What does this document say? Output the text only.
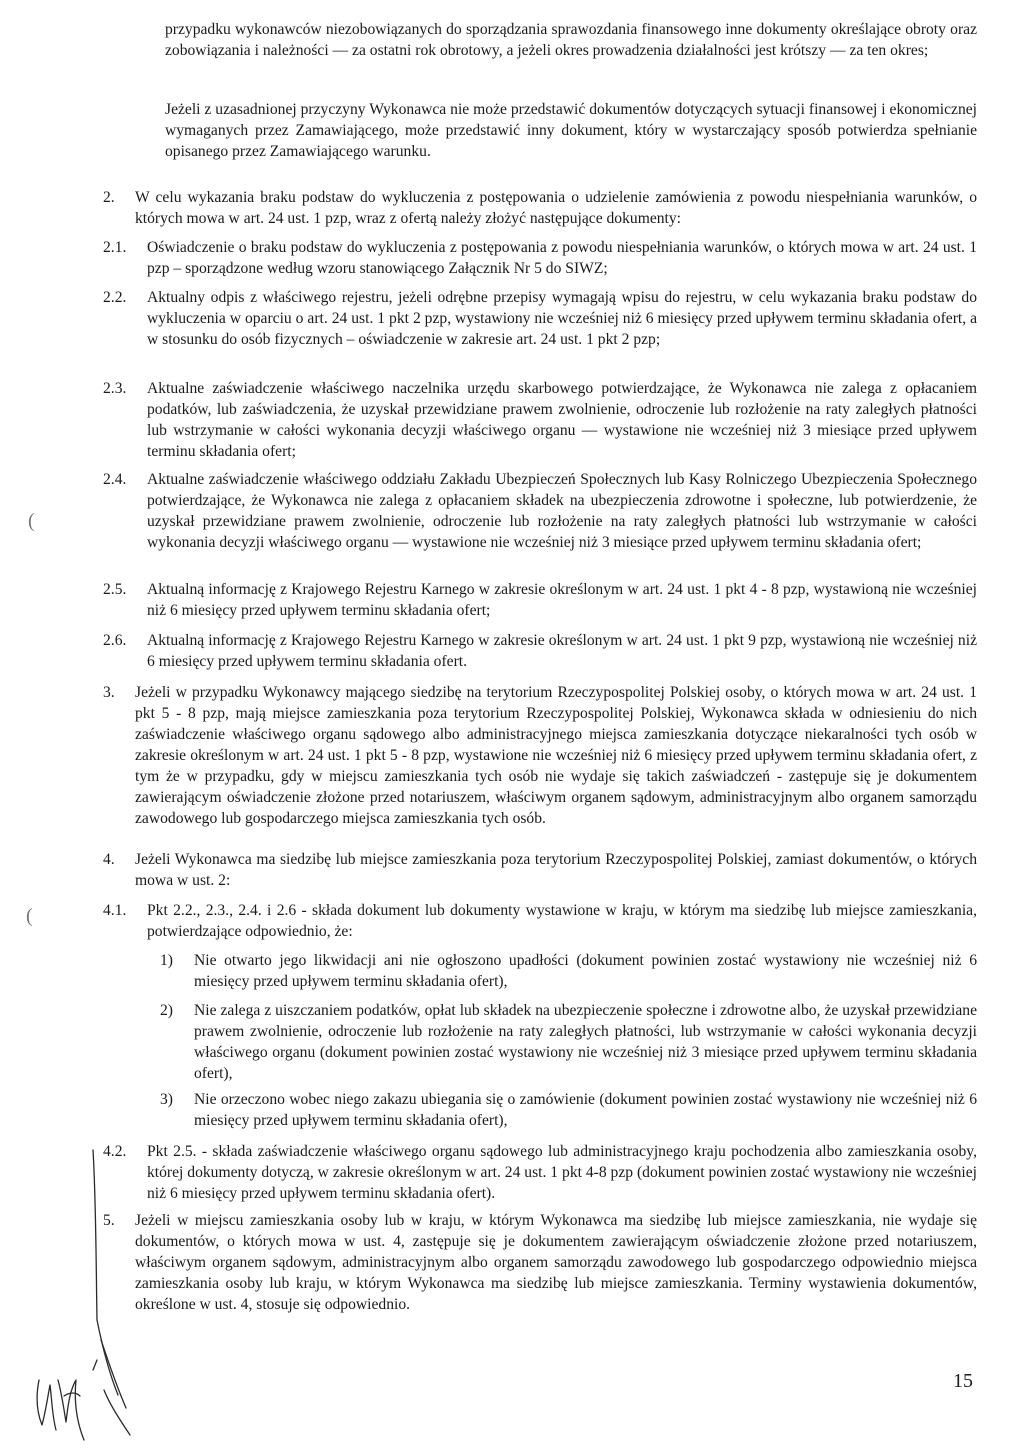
przypadku wykonawców niezobowiązanych do sporządzania sprawozdania finansowego inne dokumenty określające obroty oraz zobowiązania i należności — za ostatni rok obrotowy, a jeżeli okres prowadzenia działalności jest krótszy — za ten okres;

Jeżeli z uzasadnionej przyczyny Wykonawca nie może przedstawić dokumentów dotyczących sytuacji finansowej i ekonomicznej wymaganych przez Zamawiającego, może przedstawić inny dokument, który w wystarczający sposób potwierdza spełnianie opisanego przez Zamawiającego warunku.

2. W celu wykazania braku podstaw do wykluczenia z postępowania o udzielenie zamówienia z powodu niespełniania warunków, o których mowa w art. 24 ust. 1 pzp, wraz z ofertą należy złożyć następujące dokumenty:

2.1. Oświadczenie o braku podstaw do wykluczenia z postępowania z powodu niespełniania warunków, o których mowa w art. 24 ust. 1 pzp – sporządzone według wzoru stanowiącego Załącznik Nr 5 do SIWZ;

2.2. Aktualny odpis z właściwego rejestru, jeżeli odrębne przepisy wymagają wpisu do rejestru, w celu wykazania braku podstaw do wykluczenia w oparciu o art. 24 ust. 1 pkt 2 pzp, wystawiony nie wcześniej niż 6 miesięcy przed upływem terminu składania ofert, a w stosunku do osób fizycznych – oświadczenie w zakresie art. 24 ust. 1 pkt 2 pzp;

2.3. Aktualne zaświadczenie właściwego naczelnika urzędu skarbowego potwierdzające, że Wykonawca nie zalega z opłacaniem podatków, lub zaświadczenia, że uzyskał przewidziane prawem zwolnienie, odroczenie lub rozłożenie na raty zaległych płatności lub wstrzymanie w całości wykonania decyzji właściwego organu — wystawione nie wcześniej niż 3 miesiące przed upływem terminu składania ofert;

2.4. Aktualne zaświadczenie właściwego oddziału Zakładu Ubezpieczeń Społecznych lub Kasy Rolniczego Ubezpieczenia Społecznego potwierdzające, że Wykonawca nie zalega z opłacaniem składek na ubezpieczenia zdrowotne i społeczne, lub potwierdzenie, że uzyskał przewidziane prawem zwolnienie, odroczenie lub rozłożenie na raty zaległych płatności lub wstrzymanie w całości wykonania decyzji właściwego organu — wystawione nie wcześniej niż 3 miesiące przed upływem terminu składania ofert;

2.5. Aktualną informację z Krajowego Rejestru Karnego w zakresie określonym w art. 24 ust. 1 pkt 4 - 8 pzp, wystawioną nie wcześniej niż 6 miesięcy przed upływem terminu składania ofert;

2.6. Aktualną informację z Krajowego Rejestru Karnego w zakresie określonym w art. 24 ust. 1 pkt 9 pzp, wystawioną nie wcześniej niż 6 miesięcy przed upływem terminu składania ofert.

3. Jeżeli w przypadku Wykonawcy mającego siedzibę na terytorium Rzeczypospolitej Polskiej osoby, o których mowa w art. 24 ust. 1 pkt 5 - 8 pzp, mają miejsce zamieszkania poza terytorium Rzeczypospolitej Polskiej, Wykonawca składa w odniesieniu do nich zaświadczenie właściwego organu sądowego albo administracyjnego miejsca zamieszkania dotyczące niekaralności tych osób w zakresie określonym w art. 24 ust. 1 pkt 5 - 8 pzp, wystawione nie wcześniej niż 6 miesięcy przed upływem terminu składania ofert, z tym że w przypadku, gdy w miejscu zamieszkania tych osób nie wydaje się takich zaświadczeń - zastępuje się je dokumentem zawierającym oświadczenie złożone przed notariuszem, właściwym organem sądowym, administracyjnym albo organem samorządu zawodowego lub gospodarczego miejsca zamieszkania tych osób.

4. Jeżeli Wykonawca ma siedzibę lub miejsce zamieszkania poza terytorium Rzeczypospolitej Polskiej, zamiast dokumentów, o których mowa w ust. 2:

4.1. Pkt 2.2., 2.3., 2.4. i 2.6 - składa dokument lub dokumenty wystawione w kraju, w którym ma siedzibę lub miejsce zamieszkania, potwierdzające odpowiednio, że:

1) Nie otwarto jego likwidacji ani nie ogłoszono upadłości (dokument powinien zostać wystawiony nie wcześniej niż 6 miesięcy przed upływem terminu składania ofert),

2) Nie zalega z uiszczaniem podatków, opłat lub składek na ubezpieczenie społeczne i zdrowotne albo, że uzyskał przewidziane prawem zwolnienie, odroczenie lub rozłożenie na raty zaległych płatności, lub wstrzymanie w całości wykonania decyzji właściwego organu (dokument powinien zostać wystawiony nie wcześniej niż 3 miesiące przed upływem terminu składania ofert),

3) Nie orzeczono wobec niego zakazu ubiegania się o zamówienie (dokument powinien zostać wystawiony nie wcześniej niż 6 miesięcy przed upływem terminu składania ofert),

4.2. Pkt 2.5. - składa zaświadczenie właściwego organu sądowego lub administracyjnego kraju pochodzenia albo zamieszkania osoby, której dokumenty dotyczą, w zakresie określonym w art. 24 ust. 1 pkt 4-8 pzp (dokument powinien zostać wystawiony nie wcześniej niż 6 miesięcy przed upływem terminu składania ofert).

5. Jeżeli w miejscu zamieszkania osoby lub w kraju, w którym Wykonawca ma siedzibę lub miejsce zamieszkania, nie wydaje się dokumentów, o których mowa w ust. 4, zastępuje się je dokumentem zawierającym oświadczenie złożone przed notariuszem, właściwym organem sądowym, administracyjnym albo organem samorządu zawodowego lub gospodarczego odpowiednio miejsca zamieszkania osoby lub kraju, w którym Wykonawca ma siedzibę lub miejsce zamieszkania. Terminy wystawienia dokumentów, określone w ust. 4, stosuje się odpowiednio.

(
(
15
